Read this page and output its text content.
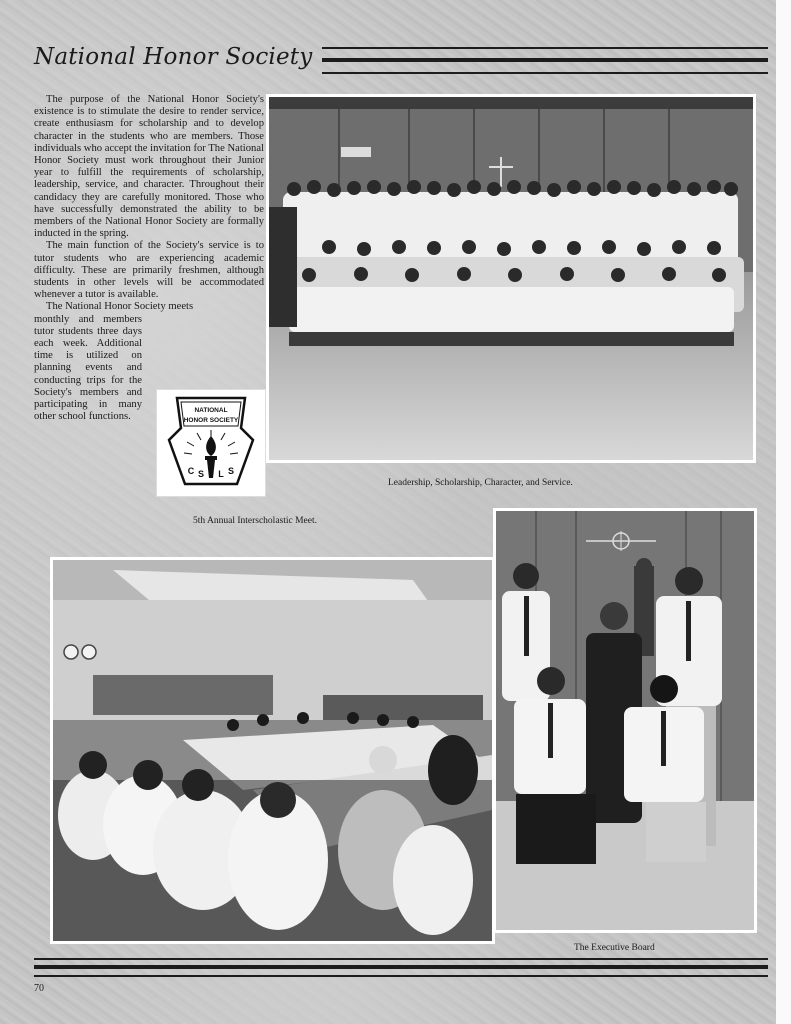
National Honor Society

The purpose of the National Honor Society's existence is to stimulate the desire to render service, create enthusiasm for scholarship and to develop character in the students who are members. Those individuals who accept the invitation for The National Honor Society must work throughout their Junior year to fulfill the requirements of scholarship, leadership, service, and character. Throughout their candidacy they are carefully monitored. Those who have successfully demonstrated the ability to be members of the National Honor Society are formally inducted in the spring.

The main function of the Society's service is to tutor students who are experiencing academic difficulty. These are primarily freshmen, although students in other levels will be accommodated whenever a tutor is available.

The National Honor Society meets

monthly and members tutor students three days each week. Additional time is utilized on planning events and conducting trips for the Society's members and participating in many other school functions.
NATIONAL
HONOR SOCIETY
C S L S
Leadership, Scholarship, Character, and Service.
5th Annual Interscholastic Meet.
The Executive Board
70
